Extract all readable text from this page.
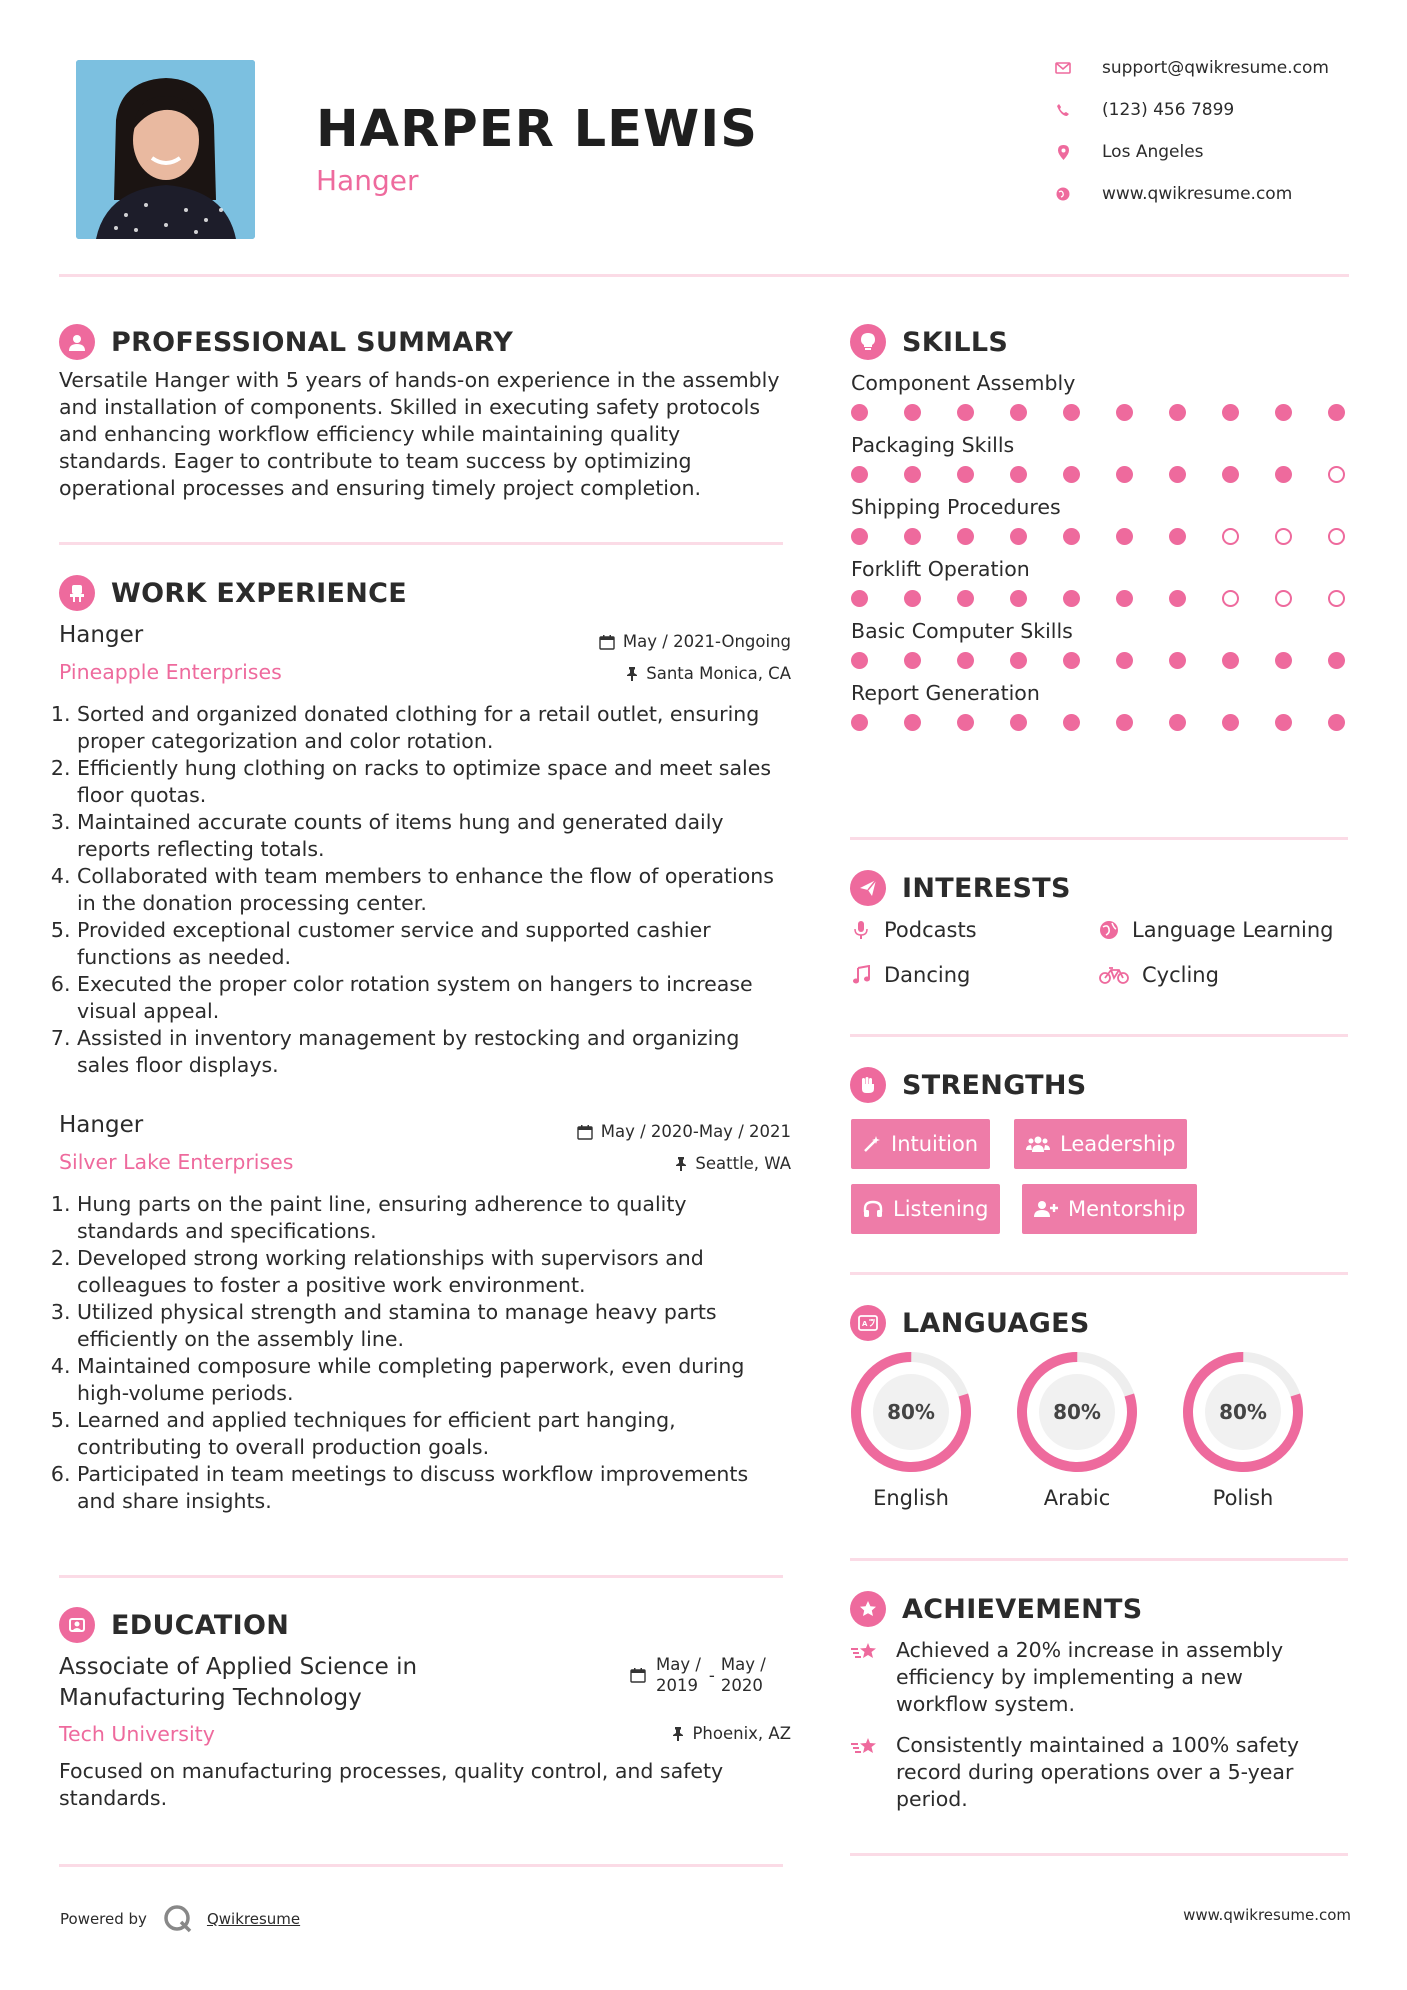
HARPER LEWIS
Hanger
support@qwikresume.com
(123) 456 7899
Los Angeles
www.qwikresume.com
PROFESSIONAL SUMMARY
Versatile Hanger with 5 years of hands-on experience in the assembly
and installation of components. Skilled in executing safety protocols
and enhancing workflow efficiency while maintaining quality
standards. Eager to contribute to team success by optimizing
operational processes and ensuring timely project completion.
WORK EXPERIENCE
Hanger	May / 2021-Ongoing
Pineapple Enterprises	Santa Monica, CA
1. Sorted and organized donated clothing for a retail outlet, ensuring
proper categorization and color rotation.
2. Efficiently hung clothing on racks to optimize space and meet sales
floor quotas.
3. Maintained accurate counts of items hung and generated daily
reports reflecting totals.
4. Collaborated with team members to enhance the flow of operations
in the donation processing center.
5. Provided exceptional customer service and supported cashier
functions as needed.
6. Executed the proper color rotation system on hangers to increase
visual appeal.
7. Assisted in inventory management by restocking and organizing
sales floor displays.
Hanger	May / 2020-May / 2021
Silver Lake Enterprises	Seattle, WA
1. Hung parts on the paint line, ensuring adherence to quality
standards and specifications.
2. Developed strong working relationships with supervisors and
colleagues to foster a positive work environment.
3. Utilized physical strength and stamina to manage heavy parts
efficiently on the assembly line.
4. Maintained composure while completing paperwork, even during
high-volume periods.
5. Learned and applied techniques for efficient part hanging,
contributing to overall production goals.
6. Participated in team meetings to discuss workflow improvements
and share insights.
EDUCATION
Associate of Applied Science in
Manufacturing Technology
May /
2019
-
May /
2020
Tech University	Phoenix, AZ
Focused on manufacturing processes, quality control, and safety
standards.
SKILLS
Component Assembly
Packaging Skills
Shipping Procedures
Forklift Operation
Basic Computer Skills
Report Generation
INTERESTS
Podcasts	Language Learning
Dancing	Cycling
STRENGTHS
Intuition	Leadership
Listening	Mentorship
A LANGUAGES
80%
English
80%
Arabic
80%
Polish
ACHIEVEMENTS
Achieved a 20% increase in assembly
efficiency by implementing a new
workflow system.
Consistently maintained a 100% safety
record during operations over a 5-year
period.
Powered by	Qwikresume	www.qwikresume.com
